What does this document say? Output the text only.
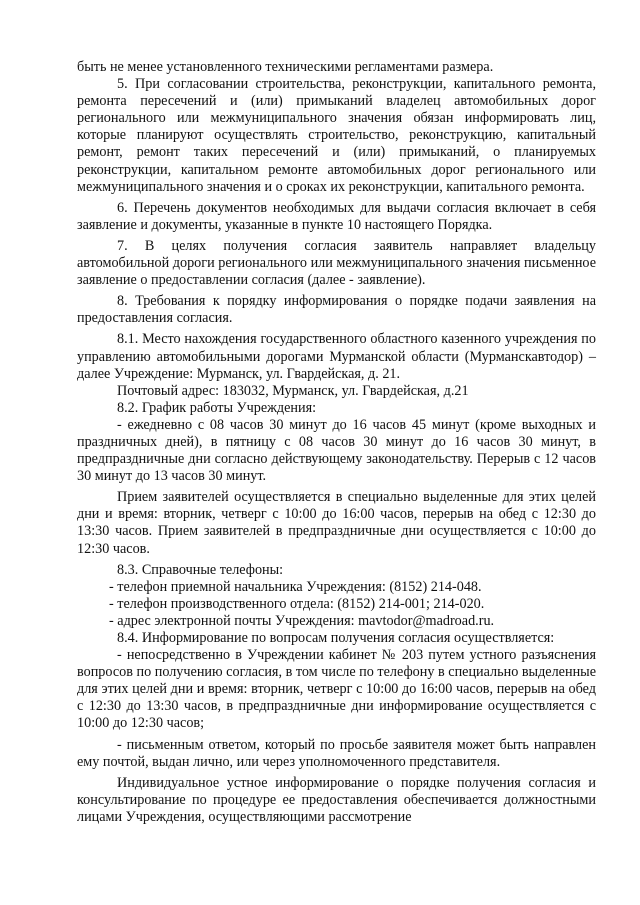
быть не менее установленного техническими регламентами размера.

5. При согласовании строительства, реконструкции, капитального ремонта, ремонта пересечений и (или) примыканий владелец автомобильных дорог регионального или межмуниципального значения обязан информировать лиц, которые планируют осуществлять строительство, реконструкцию, капитальный ремонт, ремонт таких пересечений и (или) примыканий, о планируемых реконструкции, капитальном ремонте автомобильных дорог регионального или межмуниципального значения и о сроках их реконструкции, капитального ремонта.

6. Перечень документов необходимых для выдачи согласия включает в себя заявление и документы, указанные в пункте 10 настоящего Порядка.

7. В целях получения согласия заявитель направляет владельцу автомобильной дороги регионального или межмуниципального значения письменное заявление о предоставлении согласия (далее - заявление).

8. Требования к порядку информирования о порядке подачи заявления на предоставления согласия.

8.1. Место нахождения государственного областного казенного учреждения по управлению автомобильными дорогами Мурманской области (Мурманскавтодор) – далее Учреждение: Мурманск, ул. Гвардейская, д. 21.

Почтовый адрес: 183032, Мурманск, ул. Гвардейская, д.21

8.2. График работы Учреждения:

- ежедневно с 08 часов 30 минут до 16 часов 45 минут (кроме выходных и праздничных дней), в пятницу с 08 часов 30 минут до 16 часов 30 минут, в предпраздничные дни согласно действующему законодательству. Перерыв с 12 часов 30 минут до 13 часов 30 минут.

Прием заявителей осуществляется в специально выделенные для этих целей дни и время: вторник, четверг с 10:00 до 16:00 часов, перерыв на обед с 12:30 до 13:30 часов. Прием заявителей в предпраздничные дни осуществляется с 10:00 до 12:30 часов.

8.3. Справочные телефоны:

- телефон приемной начальника Учреждения: (8152) 214-048.

- телефон производственного отдела: (8152) 214-001; 214-020.

- адрес электронной почты Учреждения: mavtodor@madroad.ru.

8.4. Информирование по вопросам получения согласия осуществляется:

- непосредственно в Учреждении кабинет № 203 путем устного разъяснения вопросов по получению согласия, в том числе по телефону в специально выделенные для этих целей дни и время: вторник, четверг с 10:00 до 16:00 часов, перерыв на обед с 12:30 до 13:30 часов, в предпраздничные дни информирование осуществляется с 10:00 до 12:30 часов;

- письменным ответом, который по просьбе заявителя может быть направлен ему почтой, выдан лично, или через уполномоченного представителя.

Индивидуальное устное информирование о порядке получения согласия и консультирование по процедуре ее предоставления обеспечивается должностными лицами Учреждения, осуществляющими рассмотрение
